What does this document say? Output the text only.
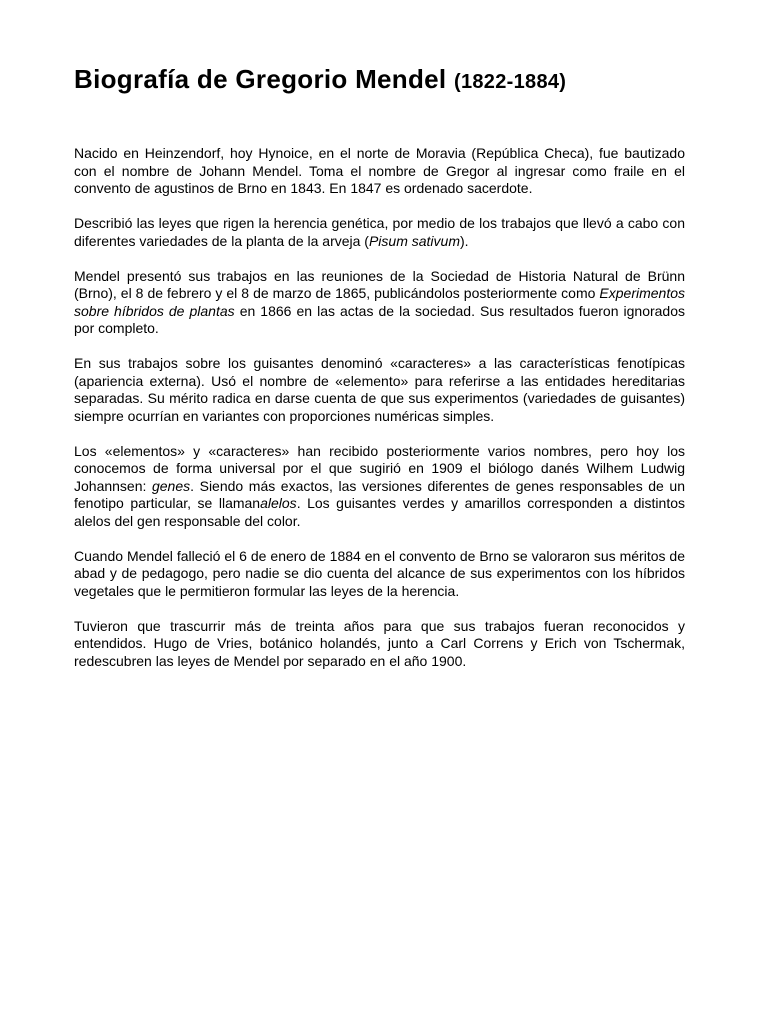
Biografía de Gregorio Mendel (1822-1884)

Nacido en Heinzendorf, hoy Hynoice, en el norte de Moravia (República Checa), fue bautizado con el nombre de Johann Mendel. Toma el nombre de Gregor al ingresar como fraile en el convento de agustinos de Brno en 1843. En 1847 es ordenado sacerdote.

Describió las leyes que rigen la herencia genética, por medio de los trabajos que llevó a cabo con diferentes variedades de la planta de la arveja (Pisum sativum).

Mendel presentó sus trabajos en las reuniones de la Sociedad de Historia Natural de Brünn (Brno), el 8 de febrero y el 8 de marzo de 1865, publicándolos posteriormente como Experimentos sobre híbridos de plantas en 1866 en las actas de la sociedad. Sus resultados fueron ignorados por completo.

En sus trabajos sobre los guisantes denominó «caracteres» a las características fenotípicas (apariencia externa). Usó el nombre de «elemento» para referirse a las entidades hereditarias separadas. Su mérito radica en darse cuenta de que sus experimentos (variedades de guisantes) siempre ocurrían en variantes con proporciones numéricas simples.

Los «elementos» y «caracteres» han recibido posteriormente varios nombres, pero hoy los conocemos de forma universal por el que sugirió en 1909 el biólogo danés Wilhem Ludwig Johannsen: genes. Siendo más exactos, las versiones diferentes de genes responsables de un fenotipo particular, se llamanalelos. Los guisantes verdes y amarillos corresponden a distintos alelos del gen responsable del color.

Cuando Mendel falleció el 6 de enero de 1884 en el convento de Brno se valoraron sus méritos de abad y de pedagogo, pero nadie se dio cuenta del alcance de sus experimentos con los híbridos vegetales que le permitieron formular las leyes de la herencia.

Tuvieron que trascurrir más de treinta años para que sus trabajos fueran reconocidos y entendidos. Hugo de Vries, botánico holandés, junto a Carl Correns y Erich von Tschermak, redescubren las leyes de Mendel por separado en el año 1900.
